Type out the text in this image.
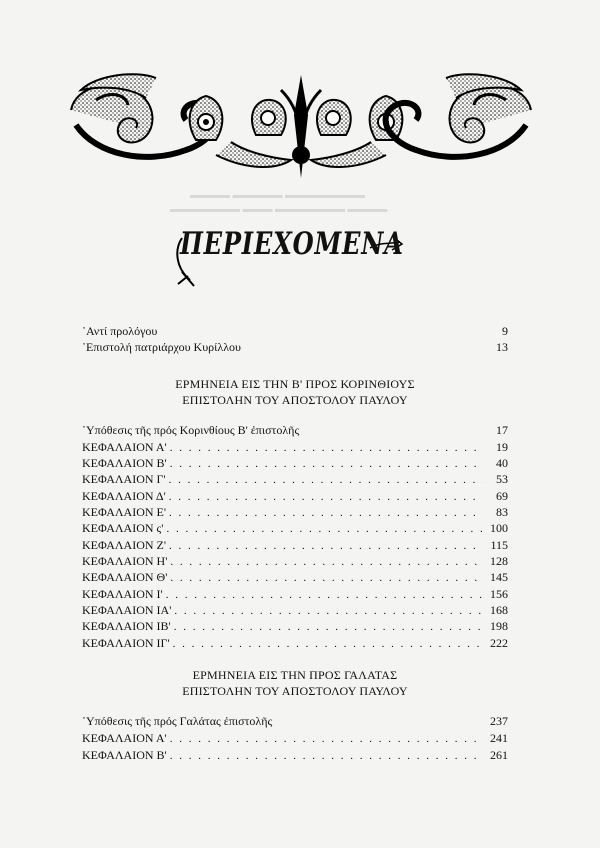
▬▬▬▬ ▬▬▬▬▬ ▬▬▬▬▬▬▬▬
▬▬▬▬▬▬▬ ▬▬▬ ▬▬▬▬▬▬▬ ▬▬▬▬
ΠΕΡΙΕΧΟΜΕΝΑ
᾿Αντί προλόγου	9
᾿Επιστολή πατριάρχου Κυρίλλου	13
ΕΡΜΗΝΕΙΑ ΕΙΣ ΤΗΝ Β' ΠΡΟΣ ΚΟΡΙΝΘΙΟΥΣ
ΕΠΙΣΤΟΛΗΝ ΤΟΥ ΑΠΟΣΤΟΛΟΥ ΠΑΥΛΟΥ
῾Υπόθεσις τῆς πρός Κορινθίους Β' ἐπιστολῆς	17
ΚΕΦΑΛΑΙΟΝ Α' . . .	19
ΚΕΦΑΛΑΙΟΝ Β' . . .	40
ΚΕΦΑΛΑΙΟΝ Γ' . . .	53
ΚΕΦΑΛΑΙΟΝ Δ' . . .	69
ΚΕΦΑΛΑΙΟΝ Ε' . . .	83
ΚΕΦΑΛΑΙΟΝ ς' . . .	100
ΚΕΦΑΛΑΙΟΝ Ζ' . . .	115
ΚΕΦΑΛΑΙΟΝ Η' . . .	128
ΚΕΦΑΛΑΙΟΝ Θ' . . .	145
ΚΕΦΑΛΑΙΟΝ Ι' . . .	156
ΚΕΦΑΛΑΙΟΝ ΙΑ' . . .	168
ΚΕΦΑΛΑΙΟΝ ΙΒ' . . .	198
ΚΕΦΑΛΑΙΟΝ ΙΓ' . . .	222
ΕΡΜΗΝΕΙΑ ΕΙΣ ΤΗΝ ΠΡΟΣ ΓΑΛΑΤΑΣ
ΕΠΙΣΤΟΛΗΝ ΤΟΥ ΑΠΟΣΤΟΛΟΥ ΠΑΥΛΟΥ
῾Υπόθεσις τῆς πρός Γαλάτας ἐπιστολῆς	237
ΚΕΦΑΛΑΙΟΝ Α' . . .	241
ΚΕΦΑΛΑΙΟΝ Β' . . .	261
